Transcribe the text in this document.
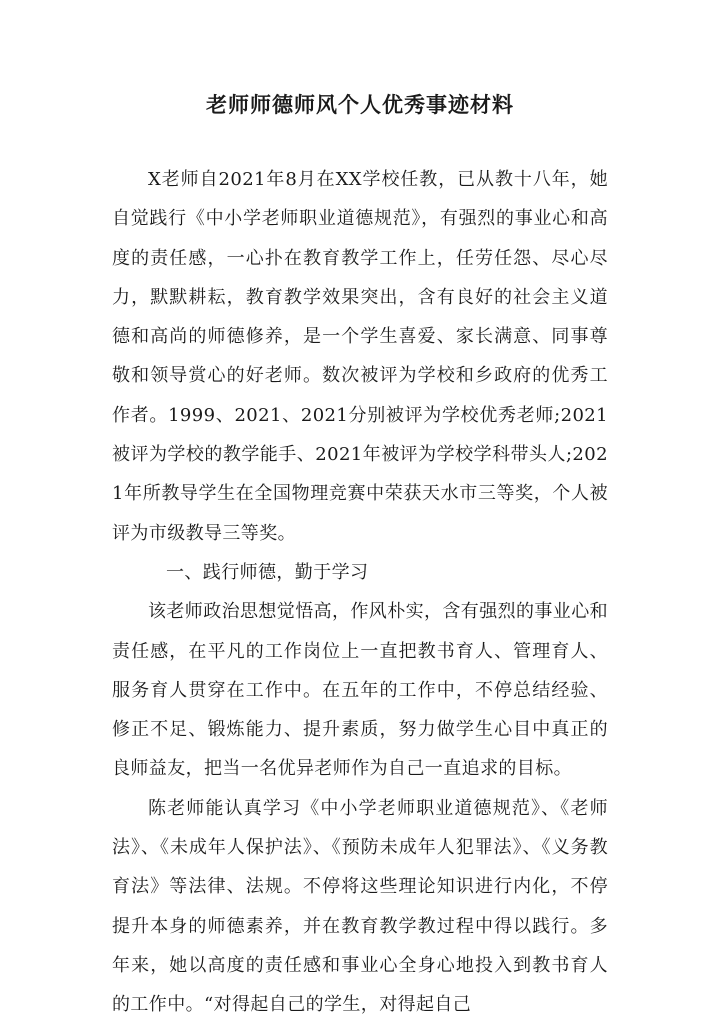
老师师德师风个人优秀事迹材料

X老师自2021年8月在XX学校任教，已从教十八年，她自觉践行《中小学老师职业道德规范》，有强烈的事业心和高度的责任感，一心扑在教育教学工作上，任劳任怨、尽心尽力，默默耕耘，教育教学效果突出，含有良好的社会主义道德和高尚的师德修养，是一个学生喜爱、家长满意、同事尊敬和领导赏心的好老师。数次被评为学校和乡政府的优秀工作者。1999、2021、2021分别被评为学校优秀老师;2021被评为学校的教学能手、2021年被评为学校学科带头人;2021年所教导学生在全国物理竞赛中荣获天水市三等奖，个人被评为市级教导三等奖。

一、践行师德，勤于学习

该老师政治思想觉悟高，作风朴实，含有强烈的事业心和责任感，在平凡的工作岗位上一直把教书育人、管理育人、服务育人贯穿在工作中。在五年的工作中，不停总结经验、修正不足、锻炼能力、提升素质，努力做学生心目中真正的良师益友，把当一名优异老师作为自己一直追求的目标。

陈老师能认真学习《中小学老师职业道德规范》、《老师法》、《未成年人保护法》、《预防未成年人犯罪法》、《义务教育法》等法律、法规。不停将这些理论知识进行内化，不停提升本身的师德素养，并在教育教学教过程中得以践行。多年来，她以高度的责任感和事业心全身心地投入到教书育人的工作中。“对得起自己的学生，对得起自己
